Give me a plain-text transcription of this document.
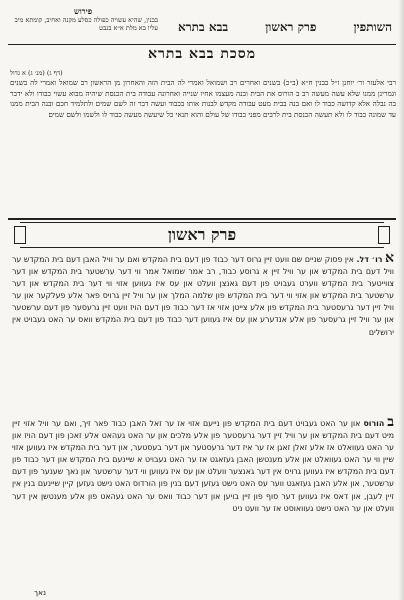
פירוש
בבנין, שהיא עשויה כפולה כסלע מקנה ואחיב, קומתא מיב עליו בא מלת א״א בנבט	השותפין
פרק ראשון
בבא בתרא
מסכת בבא בתרא
(דף ג) (מנ׳ ג) א גדול
רבי אלעזר ור׳ יוחנן ז״ל בבנין ח״א (ב״כ) בשנים ואחרים רב ושמואל ואמרי לה הבית הזה והאחרון מן הראשון רב שמואל ואמרי לה בשנים וגמרינן ממנו שלא עשה מעשה רב ב הורוס את הבית ובנה מעצמו אחיו שנייה ואחרונה עבודה בית הכנסת שיהיה מבוא עשוי כבודו ולא ידבר בה נבלה אלא קדושה כבוד לו ואם בנה בבית מעט עבודה מקדש לבנות אותו בכבוד ועשה דבר זה לשם שמים ולתלמיד חכם ובנה הבית ממנו עד שמונה כבוד לו ולא תעשה הכנסת בית לרבים מפני כבודו של עולם והוא תנאי כל שיעשה מעשה כבוד לו ולשמו ולשם שמים
פרק ראשון
א רו׳ דל. אין פסוק שניים שם וועט זיין גרוס דער כבוד פון דעם בית המקדש ואם ער וויל האבן דעם בית המקדש ער וויל דעם בית המקדש און ער וויל זיין א גרוסע כבוד, רב אמר שמואל אמר ווי דער ערשטער בית המקדש און דער צווייטער בית המקדש ווערט געבויט פון דעם גאנצן וועלט און עס איז געווען אזוי ווי דער בית המקדש און דער ערשטער בית המקדש און אזוי ווי דער בית המקדש פון שלמה המלך און ער וויל זיין גרויס פאר אלע פעלקער און ער וויל זיין דער גרעסטער בית המקדש פון אלע צייטן אזוי אז דער כבוד פון דעם הויז וועט זיין גרעסער פון דעם ערשטער און ער וויל זיין גרעסער פון אלע אנדערע און עס איז געווען דער כבוד פון דעם בית המקדש וואס ער האט געבויט אין ירושלים
ב הורוס און ער האט געבויט דעם בית המקדש פון נייעם אזוי אז ער זאל האבן כבוד פאר זיך, ואם ער וויל אזוי זיין מיט דעם בית המקדש און ער וויל זיין דער גרעסטער פון אלע מלכים און ער האט געהאט אלע זאכן פון דעם הויז און ער האט געוואלט אז אלע זאלן זאגן אז ער איז דער גרעסטער און דער בעסטער, און דער בית המקדש איז געווען אזוי שיין ווי ער האט געוואלט און אלע מענטשן האבן געזאגט אז ער האט געבויט א שיינעם בית המקדש און דער כבוד פון דעם בית המקדש איז געווען גרויס אין דער גאנצער וועלט און עס איז געווען ווי דער ערשטער און נאך שענער פון דעם ערשטער, און אלע האבן געזאגט ווער עס האט נישט געזען דעם בנין פון הורדוס האט נישט געזען קיין שיינעם בנין אין זיין לעבן, און דאס איז געווען דער סוף פון זיין בויען און דער כבוד וואס ער האט געהאט פון אלע מענטשן אין דער וועלט און ער האט נישט געוואוסט אז ער וועט ניט
נאך
